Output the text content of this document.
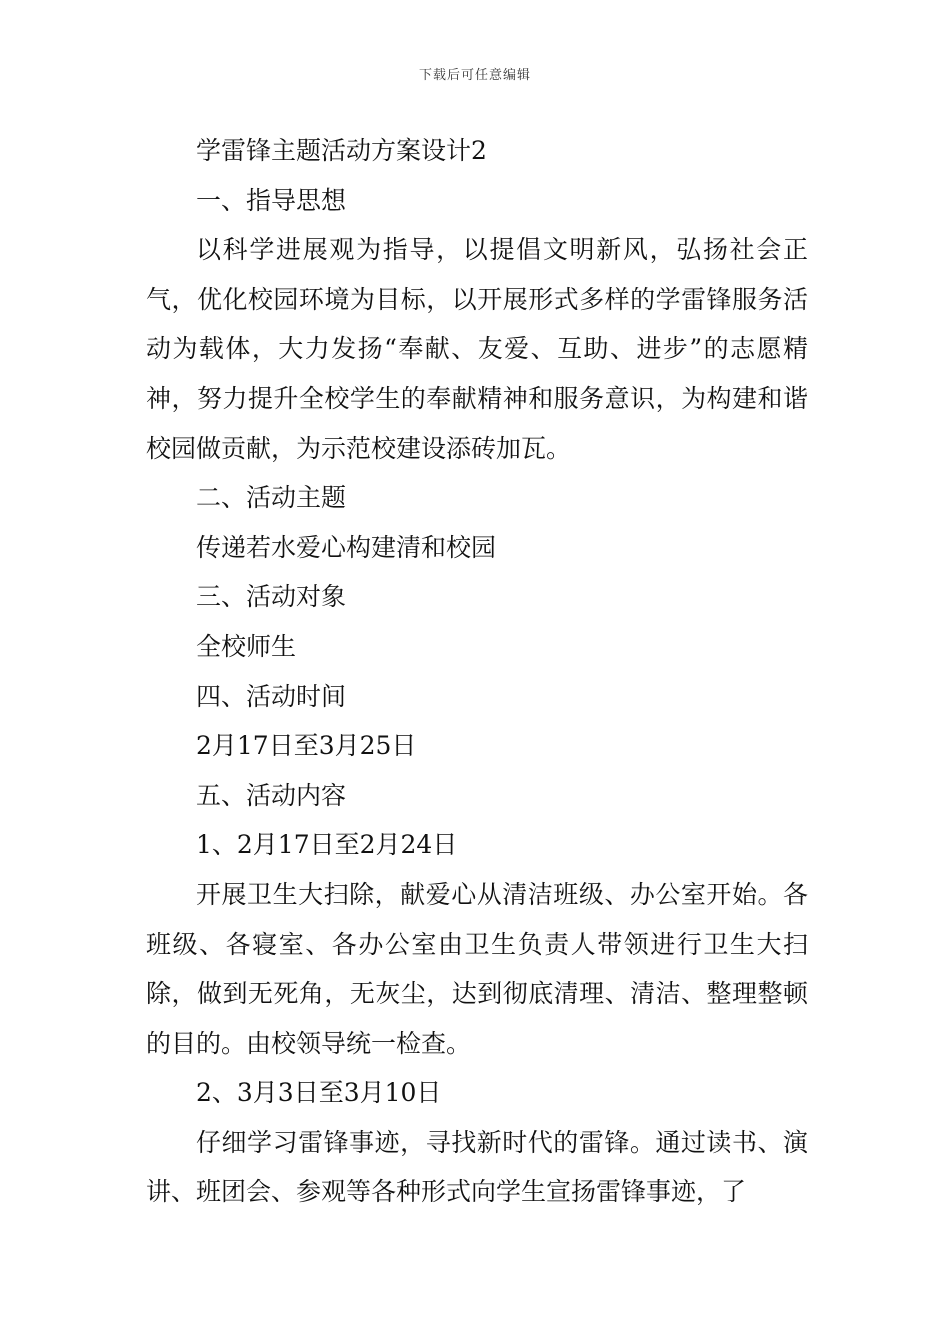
下载后可任意编辑

学雷锋主题活动方案设计2

一、指导思想

以科学进展观为指导，以提倡文明新风，弘扬社会正气，优化校园环境为目标，以开展形式多样的学雷锋服务活动为载体，大力发扬“奉献、友爱、互助、进步”的志愿精神，努力提升全校学生的奉献精神和服务意识，为构建和谐校园做贡献，为示范校建设添砖加瓦。

二、活动主题

传递若水爱心构建清和校园

三、活动对象

全校师生

四、活动时间

2月17日至3月25日

五、活动内容

1、2月17日至2月24日

开展卫生大扫除，献爱心从清洁班级、办公室开始。各班级、各寝室、各办公室由卫生负责人带领进行卫生大扫除，做到无死角，无灰尘，达到彻底清理、清洁、整理整顿的目的。由校领导统一检查。

2、3月3日至3月10日

仔细学习雷锋事迹，寻找新时代的雷锋。通过读书、演讲、班团会、参观等各种形式向学生宣扬雷锋事迹，了
